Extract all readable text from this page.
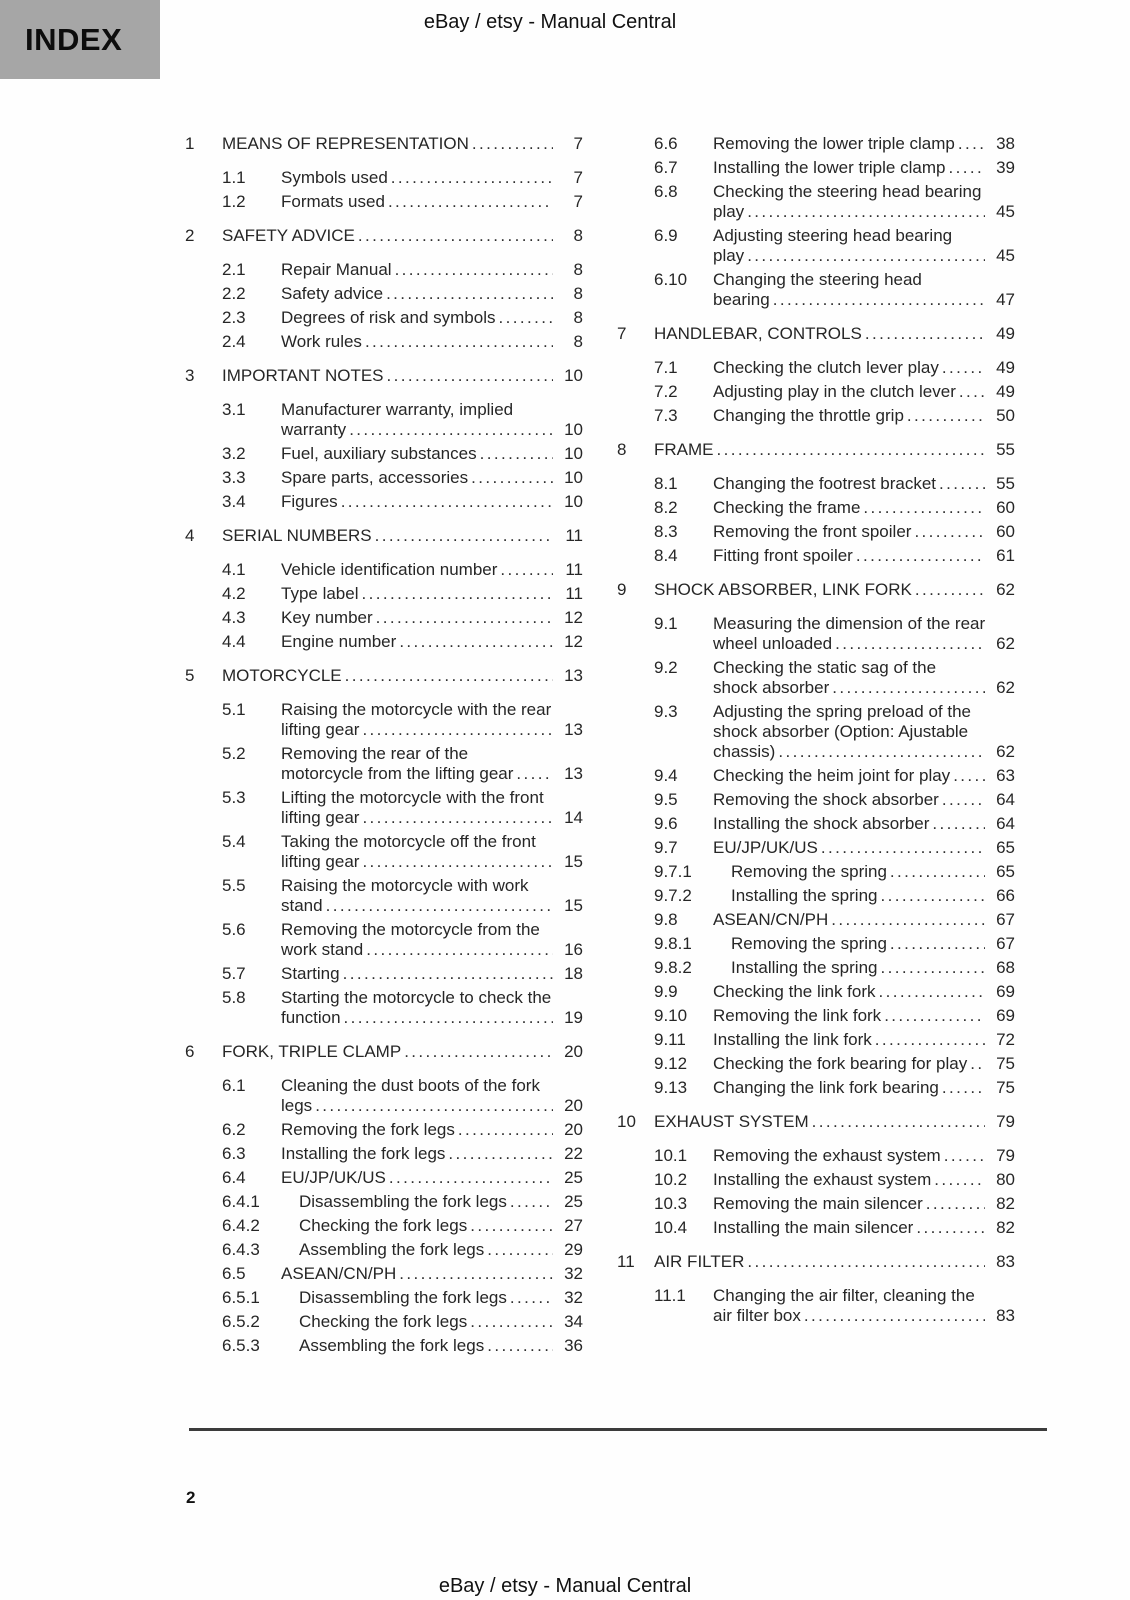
INDEX	eBay / etsy - Manual Central
1	MEANS OF REPRESENTATION .....	7
1.1	Symbols used .....	7
1.2	Formats used .....	7
2	SAFETY ADVICE .....	8
2.1	Repair Manual .....	8
2.2	Safety advice .....	8
2.3	Degrees of risk and symbols .....	8
2.4	Work rules .....	8
3	IMPORTANT NOTES .....	10
3.1	Manufacturer warranty, implied
warranty .....	10
3.2	Fuel, auxiliary substances .....	10
3.3	Spare parts, accessories .....	10
3.4	Figures .....	10
4	SERIAL NUMBERS .....	11
4.1	Vehicle identification number .....	11
4.2	Type label .....	11
4.3	Key number .....	12
4.4	Engine number .....	12
5	MOTORCYCLE .....	13
5.1	Raising the motorcycle with the rear
lifting gear .....	13
5.2	Removing the rear of the
motorcycle from the lifting gear .....	13
5.3	Lifting the motorcycle with the front
lifting gear .....	14
5.4	Taking the motorcycle off the front
lifting gear .....	15
5.5	Raising the motorcycle with work
stand .....	15
5.6	Removing the motorcycle from the
work stand .....	16
5.7	Starting .....	18
5.8	Starting the motorcycle to check the
function .....	19
6	FORK, TRIPLE CLAMP .....	20
6.1	Cleaning the dust boots of the fork
legs .....	20
6.2	Removing the fork legs .....	20
6.3	Installing the fork legs .....	22
6.4	EU/JP/UK/US .....	25
6.4.1	Disassembling the fork legs .....	25
6.4.2	Checking the fork legs .....	27
6.4.3	Assembling the fork legs .....	29
6.5	ASEAN/CN/PH .....	32
6.5.1	Disassembling the fork legs .....	32
6.5.2	Checking the fork legs .....	34
6.5.3	Assembling the fork legs .....	36
6.6	Removing the lower triple clamp .....	38
6.7	Installing the lower triple clamp .....	39
6.8	Checking the steering head bearing
play .....	45
6.9	Adjusting steering head bearing
play .....	45
6.10	Changing the steering head
bearing .....	47
7	HANDLEBAR, CONTROLS .....	49
7.1	Checking the clutch lever play .....	49
7.2	Adjusting play in the clutch lever .....	49
7.3	Changing the throttle grip .....	50
8	FRAME .....	55
8.1	Changing the footrest bracket .....	55
8.2	Checking the frame .....	60
8.3	Removing the front spoiler .....	60
8.4	Fitting front spoiler .....	61
9	SHOCK ABSORBER, LINK FORK .....	62
9.1	Measuring the dimension of the rear
wheel unloaded .....	62
9.2	Checking the static sag of the
shock absorber .....	62
9.3	Adjusting the spring preload of the
shock absorber (Option: Ajustable
chassis) .....	62
9.4	Checking the heim joint for play .....	63
9.5	Removing the shock absorber .....	64
9.6	Installing the shock absorber .....	64
9.7	EU/JP/UK/US .....	65
9.7.1	Removing the spring .....	65
9.7.2	Installing the spring .....	66
9.8	ASEAN/CN/PH .....	67
9.8.1	Removing the spring .....	67
9.8.2	Installing the spring .....	68
9.9	Checking the link fork .....	69
9.10	Removing the link fork .....	69
9.11	Installing the link fork .....	72
9.12	Checking the fork bearing for play .....	75
9.13	Changing the link fork bearing .....	75
10	EXHAUST SYSTEM .....	79
10.1	Removing the exhaust system .....	79
10.2	Installing the exhaust system .....	80
10.3	Removing the main silencer .....	82
10.4	Installing the main silencer .....	82
11	AIR FILTER .....	83
11.1	Changing the air filter, cleaning the
air filter box .....	83
2
eBay / etsy - Manual Central
